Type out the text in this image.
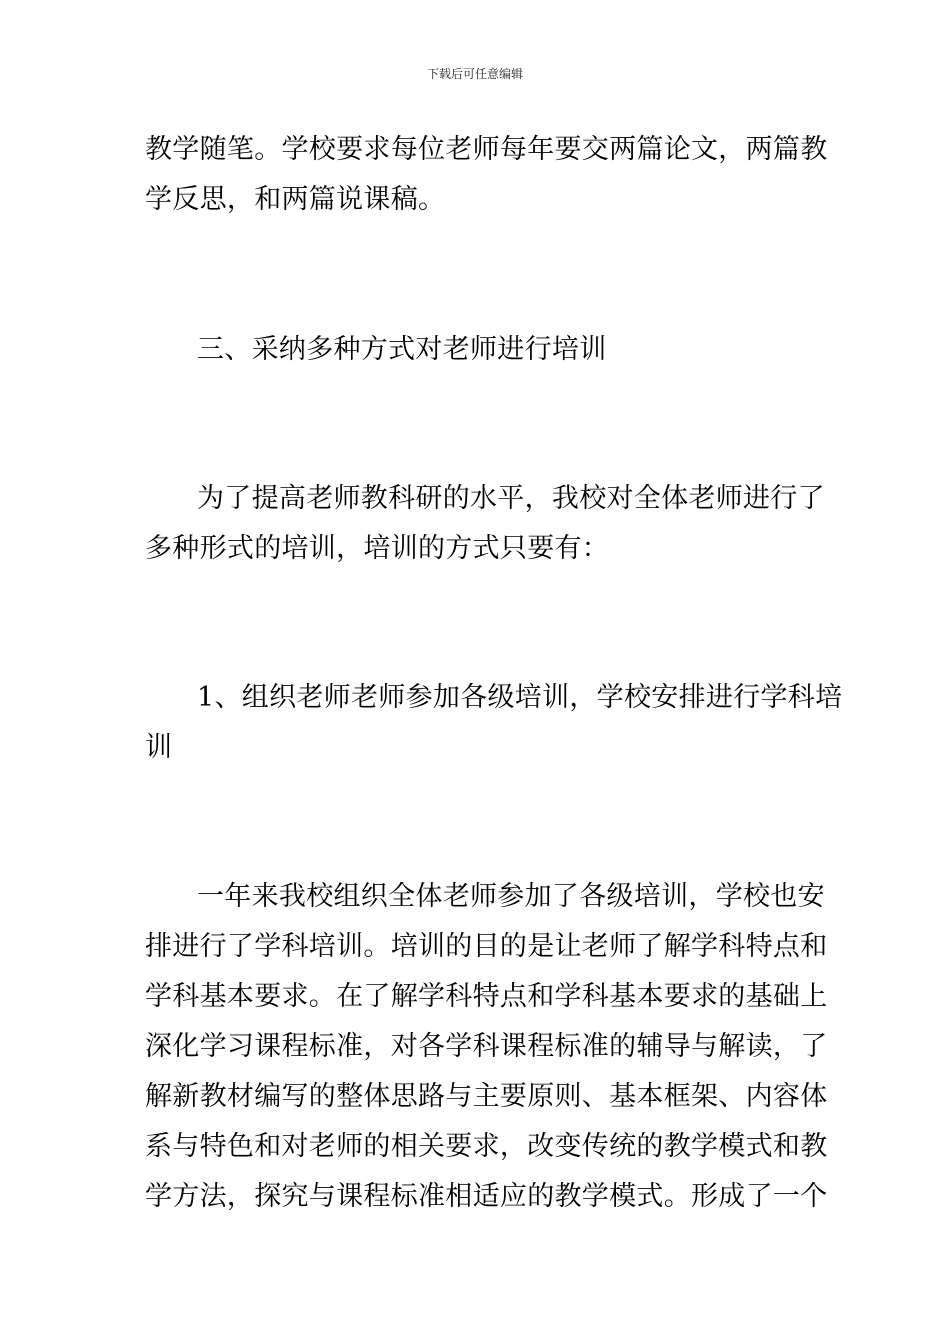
下载后可任意编辑
教学随笔。学校要求每位老师每年要交两篇论文，两篇教
学反思，和两篇说课稿。
三、采纳多种方式对老师进行培训
为了提高老师教科研的水平，我校对全体老师进行了
多种形式的培训，培训的方式只要有：
1、组织老师老师参加各级培训，学校安排进行学科培
训
一年来我校组织全体老师参加了各级培训，学校也安
排进行了学科培训。培训的目的是让老师了解学科特点和
学科基本要求。在了解学科特点和学科基本要求的基础上
深化学习课程标准，对各学科课程标准的辅导与解读，了
解新教材编写的整体思路与主要原则、基本框架、内容体
系与特色和对老师的相关要求，改变传统的教学模式和教
学方法，探究与课程标准相适应的教学模式。形成了一个
